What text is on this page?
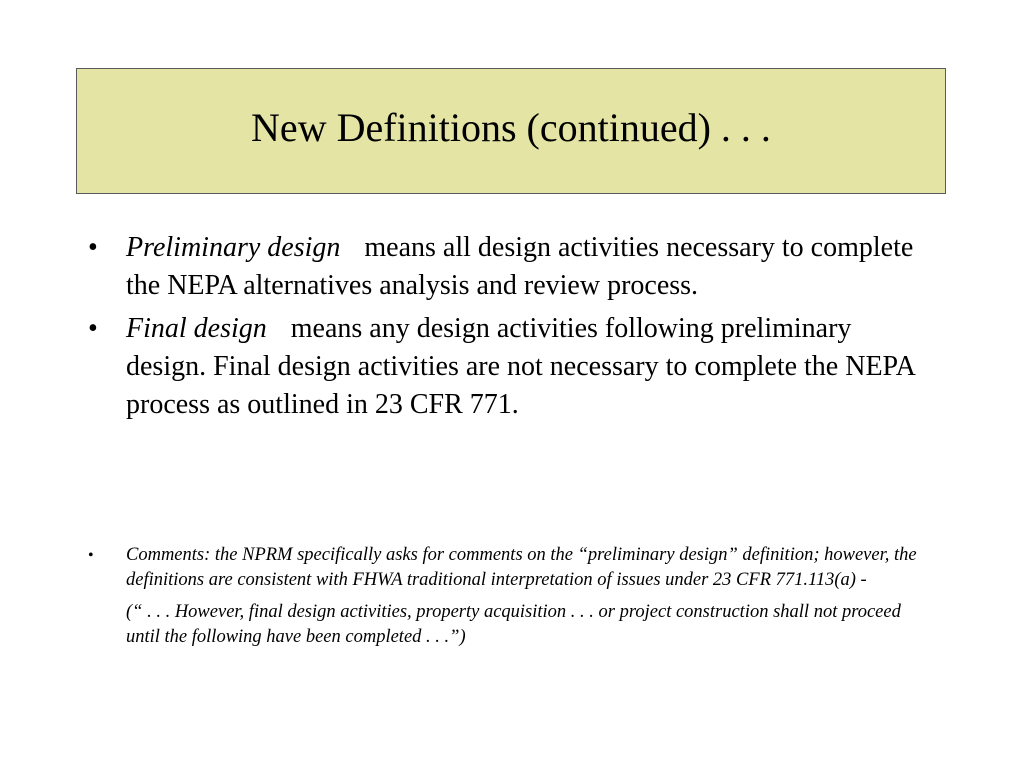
New Definitions (continued) . . .
• Preliminary design means all design activities necessary to complete the NEPA alternatives analysis and review process.
• Final design means any design activities following preliminary design. Final design activities are not necessary to complete the NEPA process as outlined in 23 CFR 771.
• Comments: the NPRM specifically asks for comments on the “preliminary design” definition; however, the definitions are consistent with FHWA traditional interpretation of issues under 23 CFR 771.113(a) -
(“ . . . However, final design activities, property acquisition . . . or project construction shall not proceed until the following have been completed . . .”)
